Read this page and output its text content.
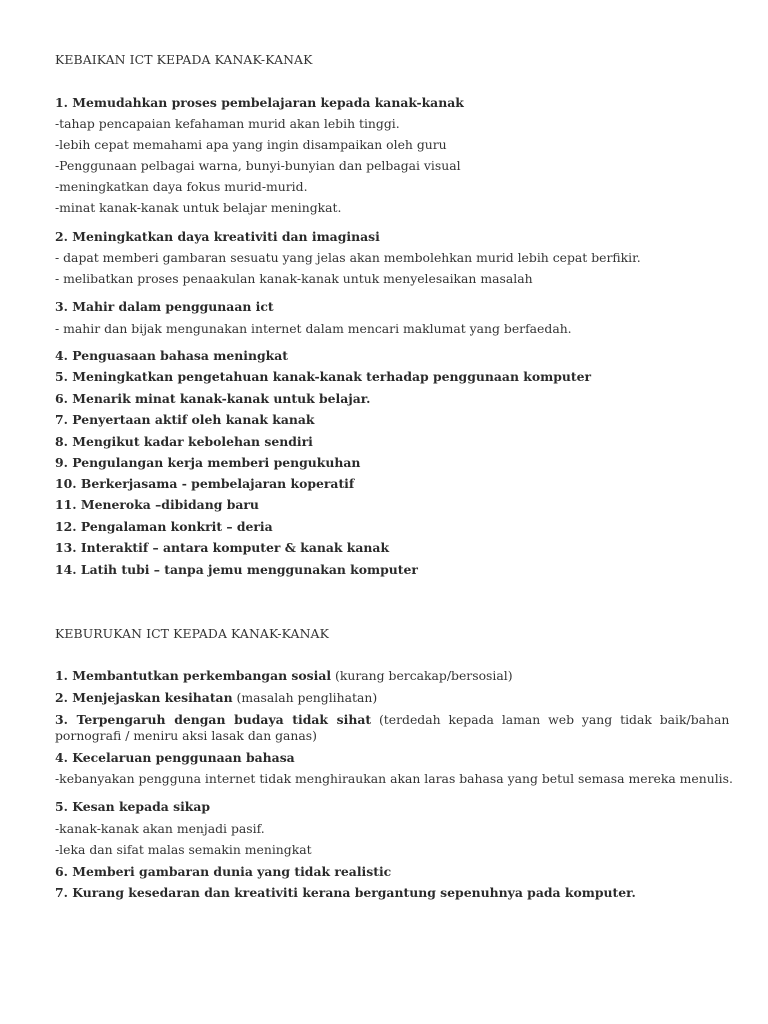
KEBAIKAN ICT KEPADA KANAK-KANAK
1. Memudahkan proses pembelajaran kepada kanak-kanak
-tahap pencapaian kefahaman murid akan lebih tinggi.
-lebih cepat memahami apa yang ingin disampaikan oleh guru
-Penggunaan pelbagai warna, bunyi-bunyian dan pelbagai visual
-meningkatkan daya fokus murid-murid.
-minat kanak-kanak untuk belajar meningkat.
2. Meningkatkan daya kreativiti dan imaginasi
- dapat memberi gambaran sesuatu yang jelas akan membolehkan murid lebih cepat berfikir.
- melibatkan proses penaakulan kanak-kanak untuk menyelesaikan masalah
3. Mahir dalam penggunaan ict
- mahir dan bijak mengunakan internet dalam mencari maklumat yang berfaedah.
4. Penguasaan bahasa meningkat
5. Meningkatkan pengetahuan kanak-kanak terhadap penggunaan komputer
6. Menarik minat kanak-kanak untuk belajar.
7. Penyertaan aktif oleh kanak kanak
8. Mengikut kadar kebolehan sendiri
9. Pengulangan kerja memberi pengukuhan
10. Berkerjasama - pembelajaran koperatif
11. Meneroka –dibidang baru
12. Pengalaman konkrit – deria
13. Interaktif – antara komputer & kanak kanak
14. Latih tubi – tanpa jemu menggunakan komputer
KEBURUKAN ICT KEPADA KANAK-KANAK
1. Membantutkan perkembangan sosial (kurang bercakap/bersosial)
2. Menjejaskan kesihatan (masalah penglihatan)
3.  Terpengaruh  dengan  budaya  tidak  sihat  (terdedah  kepada  laman  web  yang  tidak  baik/bahan
pornografi / meniru aksi lasak dan ganas)
4. Kecelaruan penggunaan bahasa
-kebanyakan pengguna internet tidak menghiraukan akan laras bahasa yang betul semasa mereka menulis.
5. Kesan kepada sikap
-kanak-kanak akan menjadi pasif.
-leka dan sifat malas semakin meningkat
6. Memberi gambaran dunia yang tidak realistic
7. Kurang kesedaran dan kreativiti kerana bergantung sepenuhnya pada komputer.
